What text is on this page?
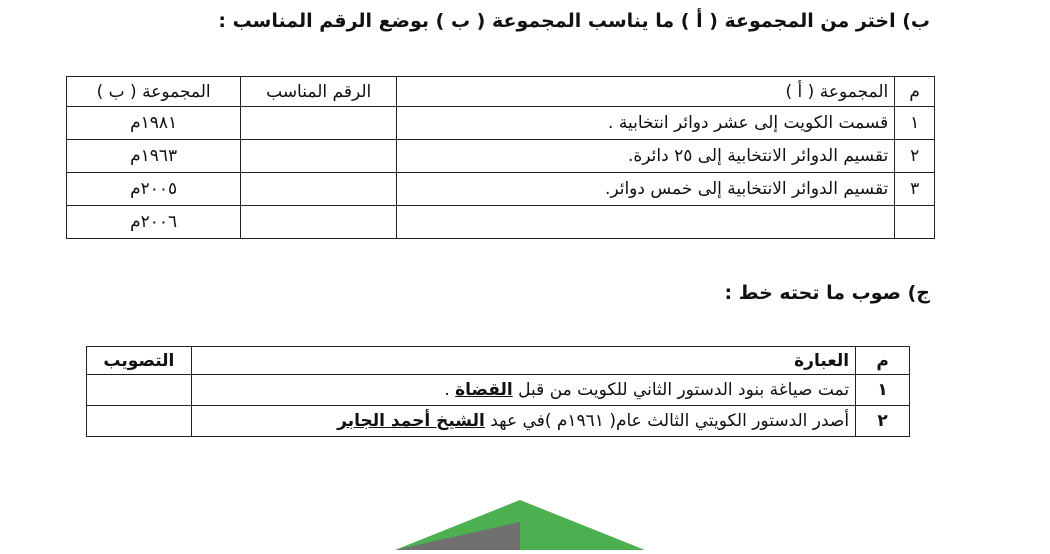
ب) اختر من المجموعة ( أ ) ما يناسب المجموعة ( ب ) بوضع الرقم المناسب :
م	المجموعة ( أ )	الرقم المناسب	المجموعة ( ب )
١	قسمت الكويت إلى عشر دوائر انتخابية .		١٩٨١م
٢	تقسيم الدوائر الانتخابية إلى ٢٥ دائرة.		١٩٦٣م
٣	تقسيم الدوائر الانتخابية إلى خمس دوائر.		٢٠٠٥م
			٢٠٠٦م
ج) صوب ما تحته خط :
م	العبارة	التصويب
١	تمت صياغة بنود الدستور الثاني للكويت من قبل القضاة .	
٢	أصدر الدستور الكويتي الثالث عام( ١٩٦١م )في عهد الشيخ أحمد الجابر	
